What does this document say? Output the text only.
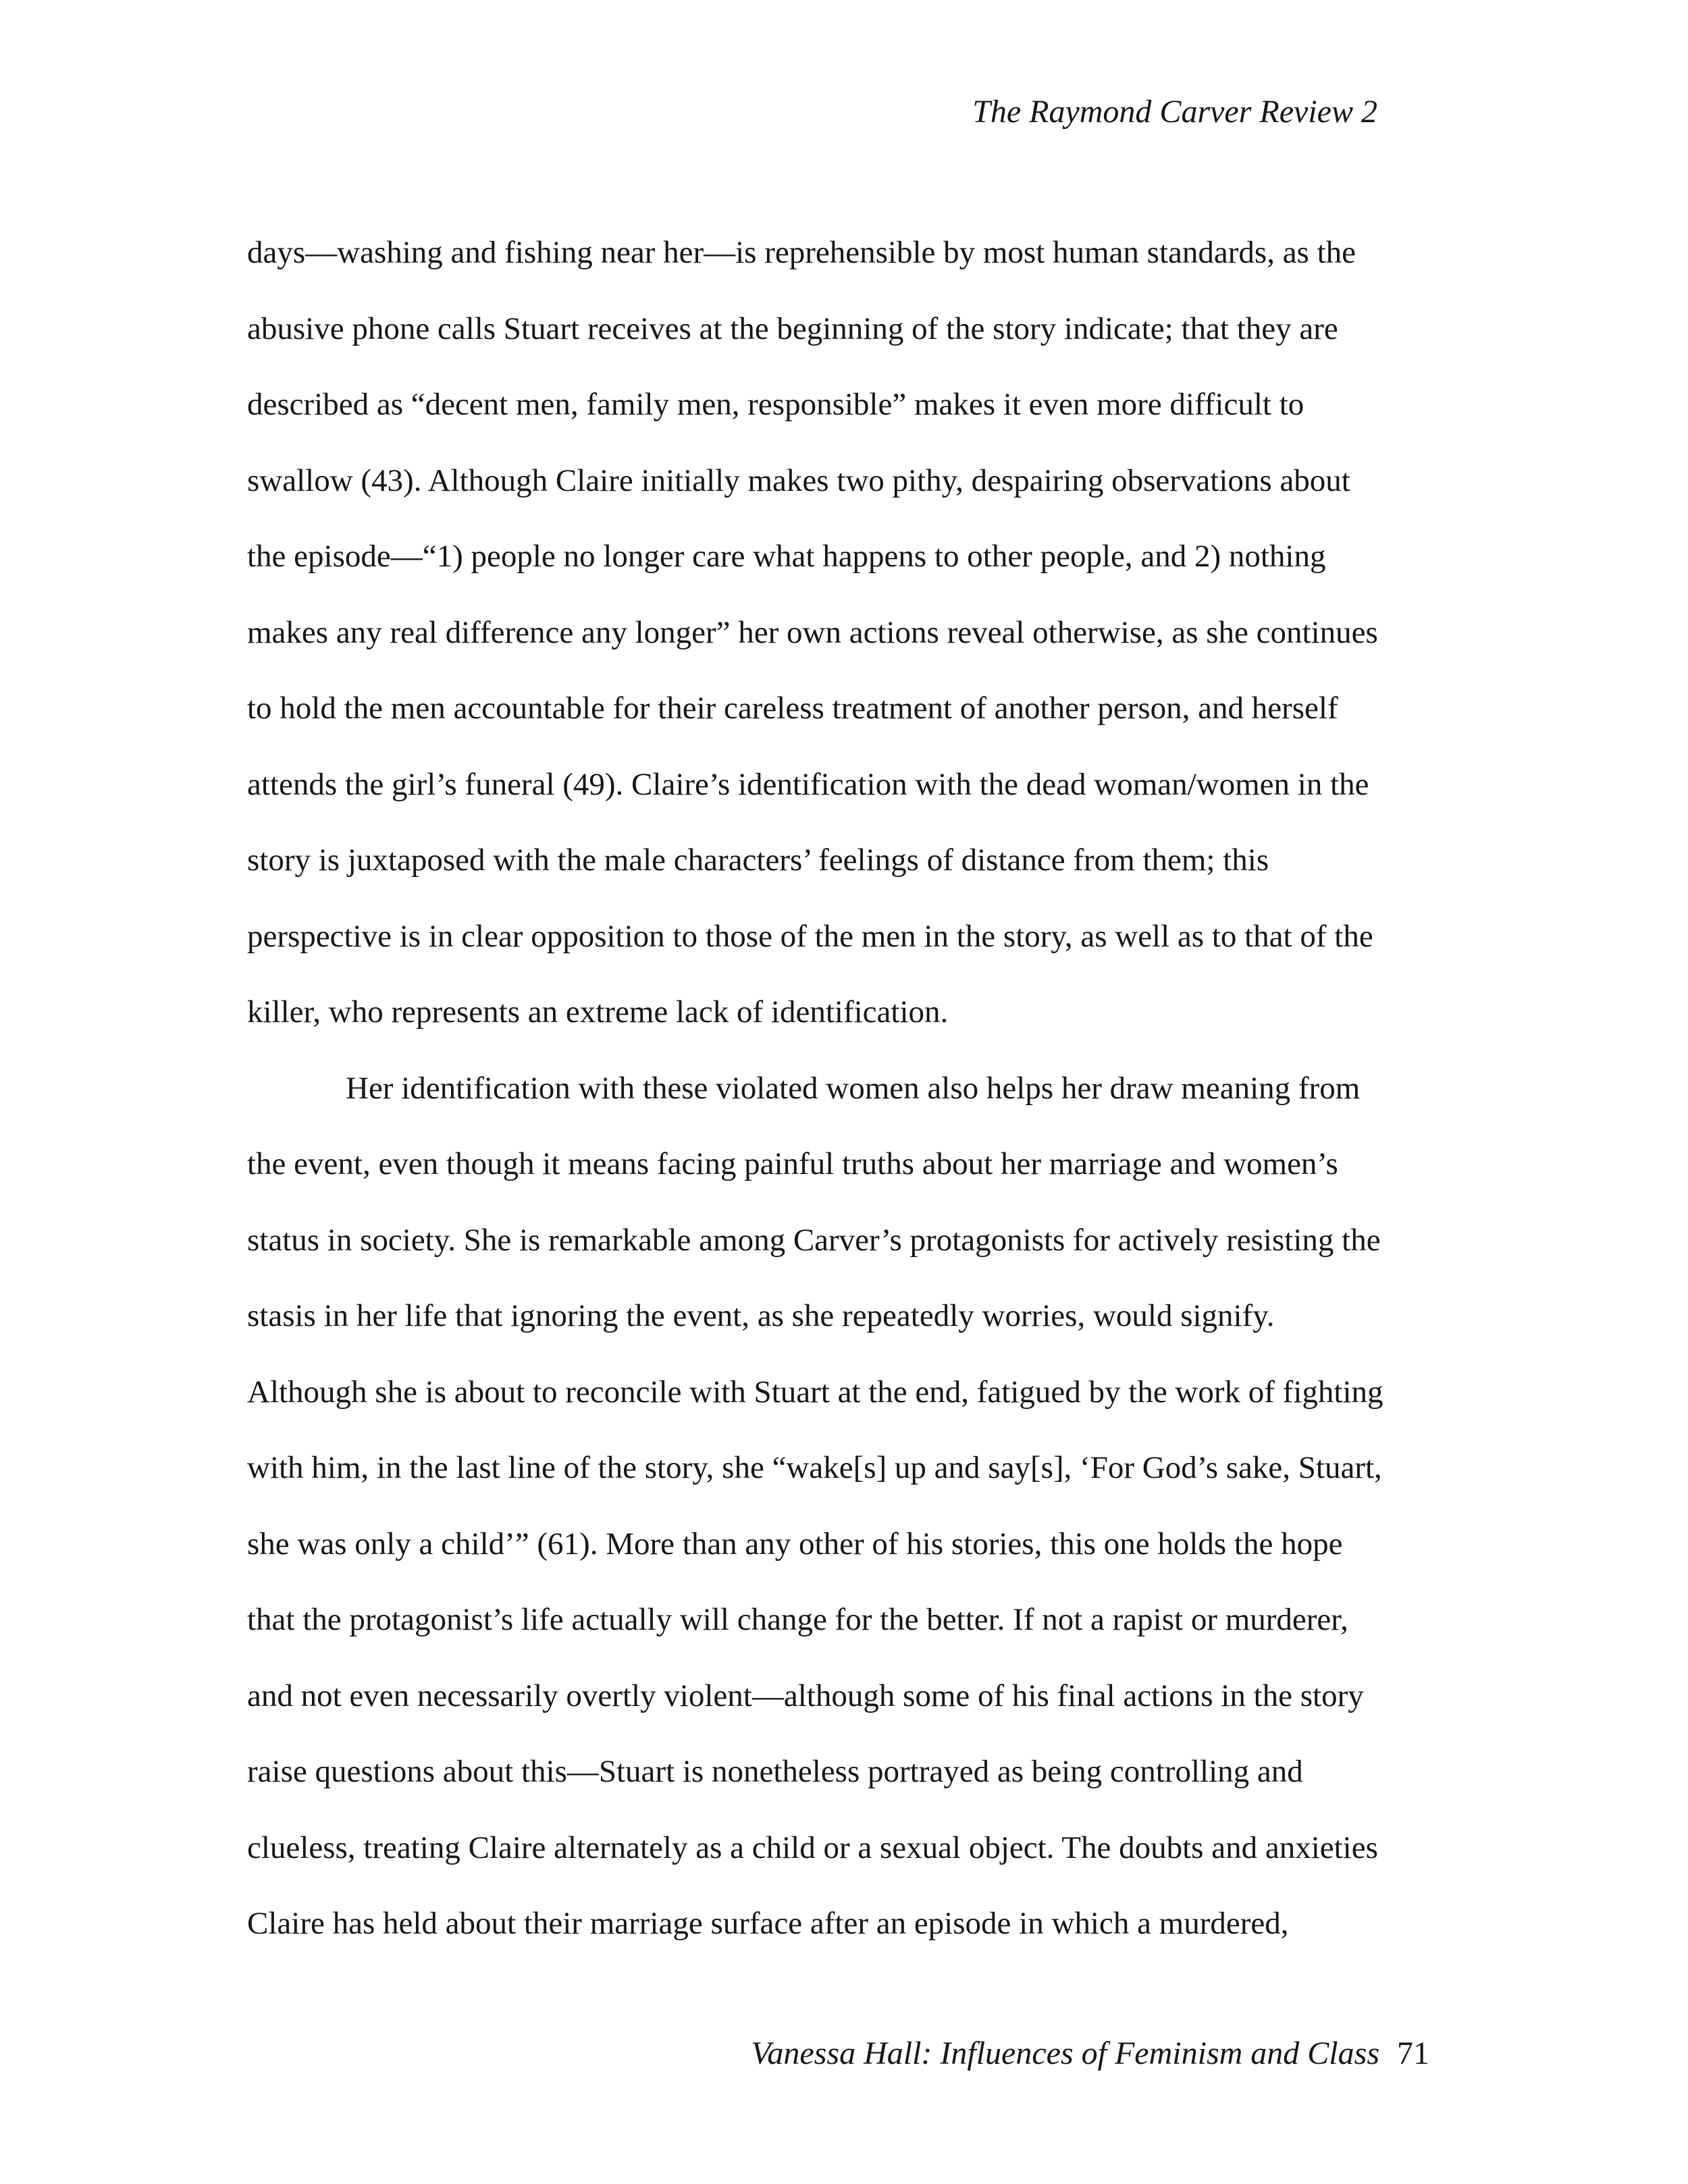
The Raymond Carver Review 2
days—washing and fishing near her—is reprehensible by most human standards, as the
abusive phone calls Stuart receives at the beginning of the story indicate; that they are
described as “decent men, family men, responsible” makes it even more difficult to
swallow (43). Although Claire initially makes two pithy, despairing observations about
the episode—“1) people no longer care what happens to other people, and 2) nothing
makes any real difference any longer” her own actions reveal otherwise, as she continues
to hold the men accountable for their careless treatment of another person, and herself
attends the girl’s funeral (49). Claire’s identification with the dead woman/women in the
story is juxtaposed with the male characters’ feelings of distance from them; this
perspective is in clear opposition to those of the men in the story, as well as to that of the
killer, who represents an extreme lack of identification.
Her identification with these violated women also helps her draw meaning from
the event, even though it means facing painful truths about her marriage and women’s
status in society. She is remarkable among Carver’s protagonists for actively resisting the
stasis in her life that ignoring the event, as she repeatedly worries, would signify.
Although she is about to reconcile with Stuart at the end, fatigued by the work of fighting
with him, in the last line of the story, she “wake[s] up and say[s], ‘For God’s sake, Stuart,
she was only a child’” (61). More than any other of his stories, this one holds the hope
that the protagonist’s life actually will change for the better. If not a rapist or murderer,
and not even necessarily overtly violent—although some of his final actions in the story
raise questions about this—Stuart is nonetheless portrayed as being controlling and
clueless, treating Claire alternately as a child or a sexual object. The doubts and anxieties
Claire has held about their marriage surface after an episode in which a murdered,
Vanessa Hall: Influences of Feminism and Class 71
